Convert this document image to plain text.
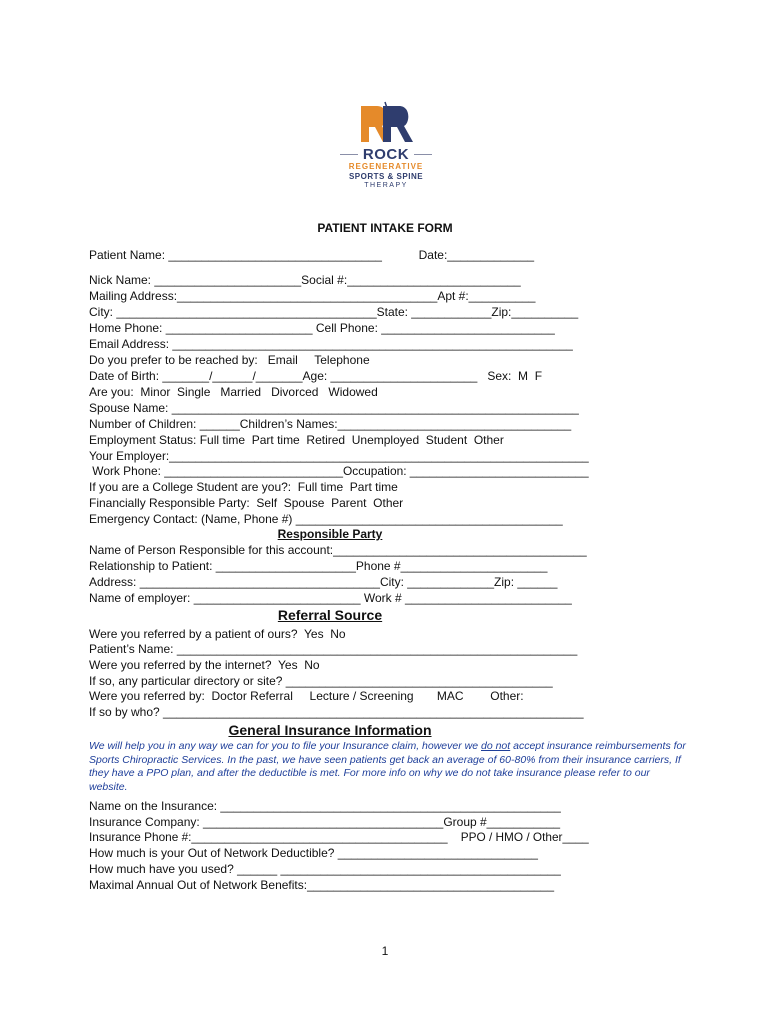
ROCK
REGENERATIVE
SPORTS & SPINE
THERAPY
PATIENT INTAKE FORM
Patient Name: ________________________________           Date:_____________
Nick Name: ______________________Social #:__________________________
Mailing Address:_______________________________________Apt #:__________
City: _______________________________________State: ____________Zip:__________
Home Phone: ______________________ Cell Phone: __________________________
Email Address: ____________________________________________________________
Do you prefer to be reached by:   Email     Telephone
Date of Birth: _______/______/_______Age: ______________________   Sex:  M  F
Are you:  Minor  Single   Married   Divorced   Widowed
Spouse Name: _____________________________________________________________
Number of Children: ______Children’s Names:___________________________________
Employment Status: Full time  Part time  Retired  Unemployed  Student  Other
Your Employer:________________________________________________________________
Work Phone: ___________________________Occupation: ___________________________
If you are a College Student are you?:  Full time  Part time
Financially Responsible Party:  Self  Spouse  Parent  Other
Emergency Contact: (Name, Phone #) ________________________________________
Responsible Party
Name of Person Responsible for this account:______________________________________
Relationship to Patient: _____________________Phone #______________________
Address: ____________________________________City: _____________Zip: ______
Name of employer: _________________________ Work # _________________________
Referral Source
Were you referred by a patient of ours?  Yes  No
Patient’s Name: ____________________________________________________________
Were you referred by the internet?  Yes  No
If so, any particular directory or site? ________________________________________
Were you referred by:  Doctor Referral     Lecture / Screening       MAC        Other:
If so by who? _______________________________________________________________
General Insurance Information
We will help you in any way we can for you to file your Insurance claim, however we do not accept insurance reimbursements for Sports Chiropractic Services. In the past, we have seen patients get back an average of 60-80% from their insurance carriers, If they have a PPO plan, and after the deductible is met. For more info on why we do not take insurance please refer to our website.
Name on the Insurance: ___________________________________________________
Insurance Company: ____________________________________Group #___________
Insurance Phone #:_______________________________________    PPO / HMO / Other____
How much is your Out of Network Deductible? ______________________________
How much have you used? ______ __________________________________________
Maximal Annual Out of Network Benefits:_____________________________________
1
